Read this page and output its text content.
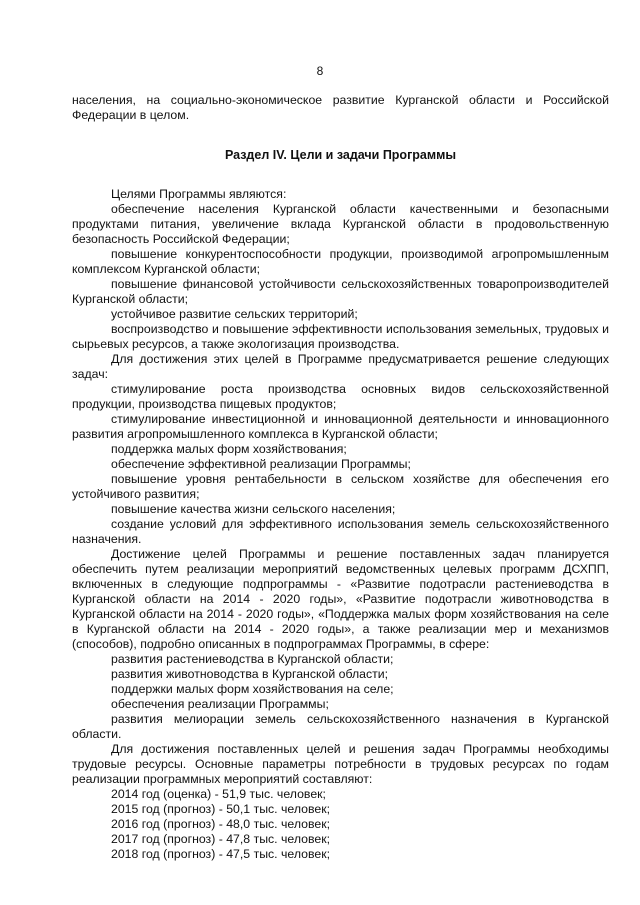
8

населения, на социально-экономическое развитие Курганской области и Российской Федерации в целом.

Раздел IV. Цели и задачи Программы

Целями Программы являются:

обеспечение населения Курганской области качественными и безопасными продуктами питания, увеличение вклада Курганской области в продовольственную безопасность Российской Федерации;

повышение конкурентоспособности продукции, производимой агропромышленным комплексом Курганской области;

повышение финансовой устойчивости сельскохозяйственных товаропроизводителей Курганской области;

устойчивое развитие сельских территорий;

воспроизводство и повышение эффективности использования земельных, трудовых и сырьевых ресурсов, а также экологизация производства.

Для достижения этих целей в Программе предусматривается решение следующих задач:

стимулирование роста производства основных видов сельскохозяйственной продукции, производства пищевых продуктов;

стимулирование инвестиционной и инновационной деятельности и инновационного развития агропромышленного комплекса в Курганской области;

поддержка малых форм хозяйствования;

обеспечение эффективной реализации Программы;

повышение уровня рентабельности в сельском хозяйстве для обеспечения его устойчивого развития;

повышение качества жизни сельского населения;

создание условий для эффективного использования земель сельскохозяйственного назначения.

Достижение целей Программы и решение поставленных задач планируется обеспечить путем реализации мероприятий ведомственных целевых программ ДСХПП, включенных в следующие подпрограммы - «Развитие подотрасли растениеводства в Курганской области на 2014 - 2020 годы», «Развитие подотрасли животноводства в Курганской области на 2014 - 2020 годы», «Поддержка малых форм хозяйствования на селе в Курганской области на 2014 - 2020 годы», а также реализации мер и механизмов (способов), подробно описанных в подпрограммах Программы, в сфере:

развития растениеводства в Курганской области;

развития животноводства в Курганской области;

поддержки малых форм хозяйствования на селе;

обеспечения реализации Программы;

развития мелиорации земель сельскохозяйственного назначения в Курганской области.

Для достижения поставленных целей и решения задач Программы необходимы трудовые ресурсы. Основные параметры потребности в трудовых ресурсах по годам реализации программных мероприятий составляют:

2014 год (оценка) - 51,9 тыс. человек;

2015 год (прогноз) - 50,1 тыс. человек;

2016 год (прогноз) - 48,0 тыс. человек;

2017 год (прогноз) - 47,8 тыс. человек;

2018 год (прогноз) - 47,5 тыс. человек;
